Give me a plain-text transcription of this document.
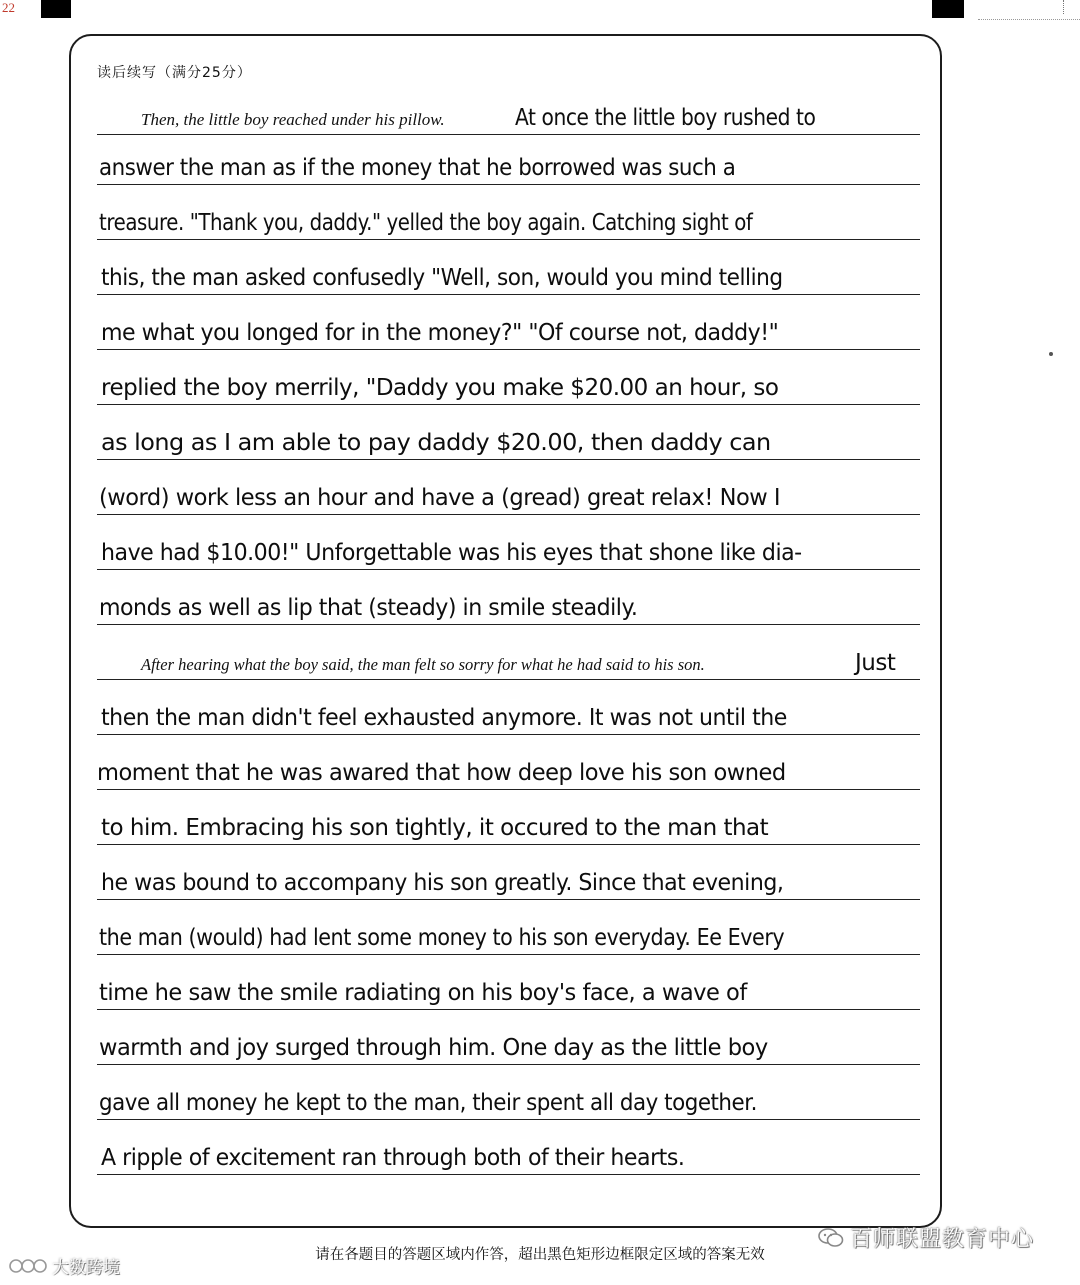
22
读后续写（满分25分）
Then, the little boy reached under his pillow.	At once the little boy rushed to
answer the man as if the money that he borrowed was such a
treasure. "Thank you, daddy." yelled the boy again. Catching sight of
this, the man asked confusedly "Well, son, would you mind telling
me what you longed for in the money?" "Of course not, daddy!"
replied the boy merrily, "Daddy you make $20.00 an hour, so
as long as I am able to pay daddy $20.00, then daddy can
(word) work less an hour and have a (gread) great relax! Now I
have had $10.00!" Unforgettable was his eyes that shone like dia-
monds as well as lip that (steady) in smile steadily.
After hearing what the boy said, the man felt so sorry for what he had said to his son.	Just
then the man didn't feel exhausted anymore. It was not until the
moment that he was awared that how deep love his son owned
to him. Embracing his son tightly, it occured to the man that
he was bound to accompany his son greatly. Since that evening,
the man (would) had lent some money to his son everyday. Ee Every
time he saw the smile radiating on his boy's face, a wave of
warmth and joy surged through him. One day as the little boy
gave all money he kept to the man, their spent all day together.
A ripple of excitement ran through both of their hearts.
请在各题目的答题区域内作答，超出黑色矩形边框限定区域的答案无效
百师联盟教育中心
大数跨境
